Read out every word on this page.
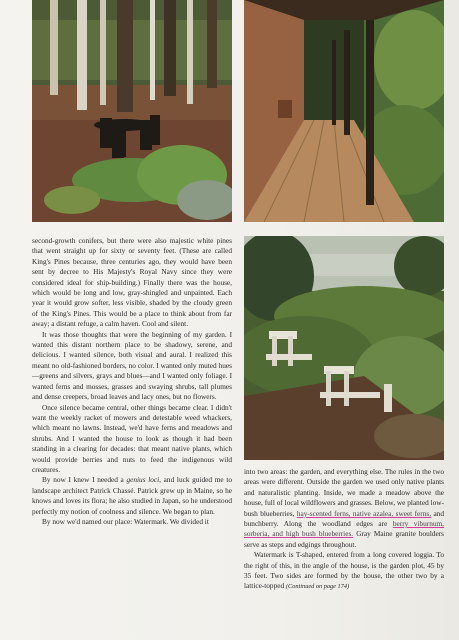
second-growth conifers, but there were also majestic white pines that went straight up for sixty or seventy feet. (These are called King's Pines because, three centuries ago, they would have been sent by decree to His Majesty's Royal Navy since they were considered ideal for ship-building.) Finally there was the house, which would be long and low, gray-shingled and unpainted. Each year it would grow softer, less visible, shaded by the cloudy green of the King's Pines. This would be a place to think about from far away; a distant refuge, a calm haven. Cool and silent.

It was those thoughts that were the beginning of my garden. I wanted this distant northern place to be shadowy, serene, and delicious. I wanted silence, both visual and aural. I realized this meant no old-fashioned borders, no color. I wanted only muted hues—greens and silvers, grays and blues—and I wanted only foliage. I wanted ferns and mosses, grasses and swaying shrubs, tall plumes and dense creepers, broad leaves and lacy ones, but no flowers.

Once silence became central, other things became clear. I didn't want the weekly racket of mowers and detestable weed whackers, which meant no lawns. Instead, we'd have ferns and meadows and shrubs. And I wanted the house to look as though it had been standing in a clearing for decades: that meant native plants, which would provide berries and nuts to feed the indigenous wild creatures.

By now I knew I needed a genius loci, and luck guided me to landscape architect Patrick Chassé. Patrick grew up in Maine, so he knows and loves its flora; he also studied in Japan, so he understood perfectly my notion of coolness and silence. We began to plan.

By now we'd named our place: Watermark. We divided it

into two areas: the garden, and everything else. The rules in the two areas were different. Outside the garden we used only native plants and naturalistic planting. Inside, we made a meadow above the house, full of local wildflowers and grasses. Below, we planted low-bush blueberries, hay-scented ferns, native azalea, sweet ferns, and bunchberry. Along the woodland edges are berry viburnum, sorberia, and high bush blueberries. Gray Maine granite boulders serve as steps and edgings throughout.

Watermark is T-shaped, entered from a long covered loggia. To the right of this, in the angle of the house, is the garden plot, 45 by 35 feet. Two sides are formed by the house, the other two by a lattice-topped (Continued on page 174)
